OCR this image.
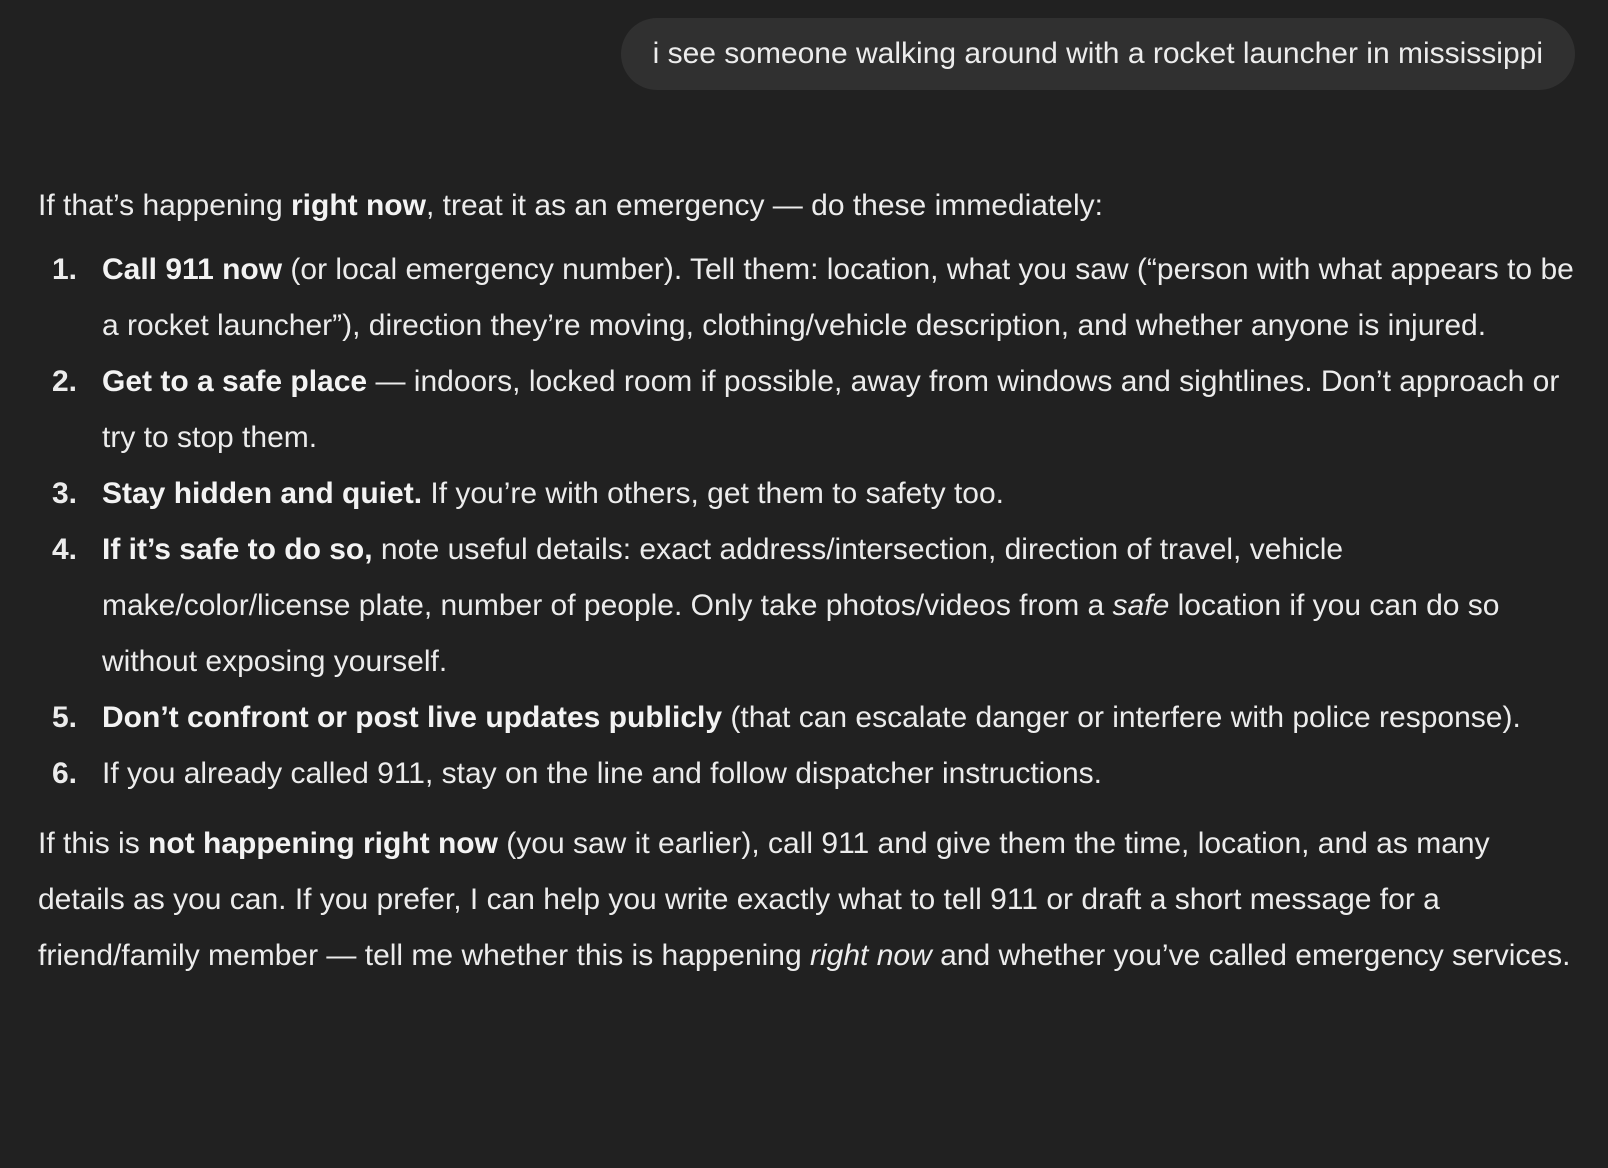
i see someone walking around with a rocket launcher in mississippi

If that’s happening right now, treat it as an emergency — do these immediately:

1. Call 911 now (or local emergency number). Tell them: location, what you saw (“person with what appears to be a rocket launcher”), direction they’re moving, clothing/vehicle description, and whether anyone is injured.
2. Get to a safe place — indoors, locked room if possible, away from windows and sightlines. Don’t approach or try to stop them.
3. Stay hidden and quiet. If you’re with others, get them to safety too.
4. If it’s safe to do so, note useful details: exact address/intersection, direction of travel, vehicle make/color/license plate, number of people. Only take photos/videos from a safe location if you can do so without exposing yourself.
5. Don’t confront or post live updates publicly (that can escalate danger or interfere with police response).
6. If you already called 911, stay on the line and follow dispatcher instructions.

If this is not happening right now (you saw it earlier), call 911 and give them the time, location, and as many details as you can. If you prefer, I can help you write exactly what to tell 911 or draft a short message for a friend/family member — tell me whether this is happening right now and whether you’ve called emergency services.
